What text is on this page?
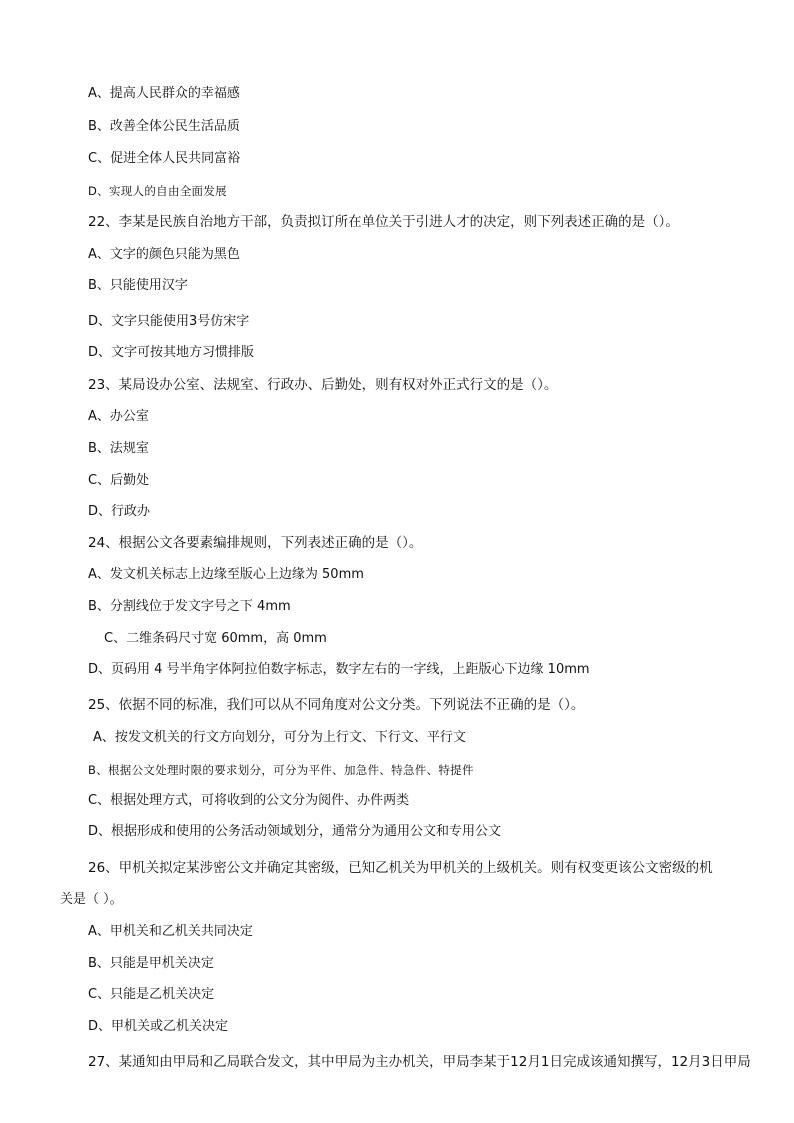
A、提高人民群众的幸福感
B、改善全体公民生活品质
C、促进全体人民共同富裕
D、实现人的自由全面发展
22、李某是民族自治地方干部，负责拟订所在单位关于引进人才的决定，则下列表述正确的是（）。
A、文字的颜色只能为黑色
B、只能使用汉字
D、文字只能使用3号仿宋字
D、文字可按其地方习惯排版
23、某局设办公室、法规室、行政办、后勤处，则有权对外正式行文的是（）。
A、办公室
B、法规室
C、后勤处
D、行政办
24、根据公文各要素编排规则，下列表述正确的是（）。
A、发文机关标志上边缘至版心上边缘为 50mm
B、分割线位于发文字号之下 4mm
C、二维条码尺寸宽 60mm，高 0mm
D、页码用 4 号半角字体阿拉伯数字标志，数字左右的一字线，上距版心下边缘 10mm
25、依据不同的标准，我们可以从不同角度对公文分类。下列说法不正确的是（）。
A、按发文机关的行文方向划分，可分为上行文、下行文、平行文
B、根据公文处理时限的要求划分，可分为平件、加急件、特急件、特提件
C、根据处理方式，可将收到的公文分为阅件、办件两类
D、根据形成和使用的公务活动领域划分，通常分为通用公文和专用公文
26、甲机关拟定某涉密公文并确定其密级，已知乙机关为甲机关的上级机关。则有权变更该公文密级的机
关是（ ）。
A、甲机关和乙机关共同决定
B、只能是甲机关决定
C、只能是乙机关决定
D、甲机关或乙机关决定
27、某通知由甲局和乙局联合发文，其中甲局为主办机关，甲局李某于12月1日完成该通知撰写，12月3日甲局
